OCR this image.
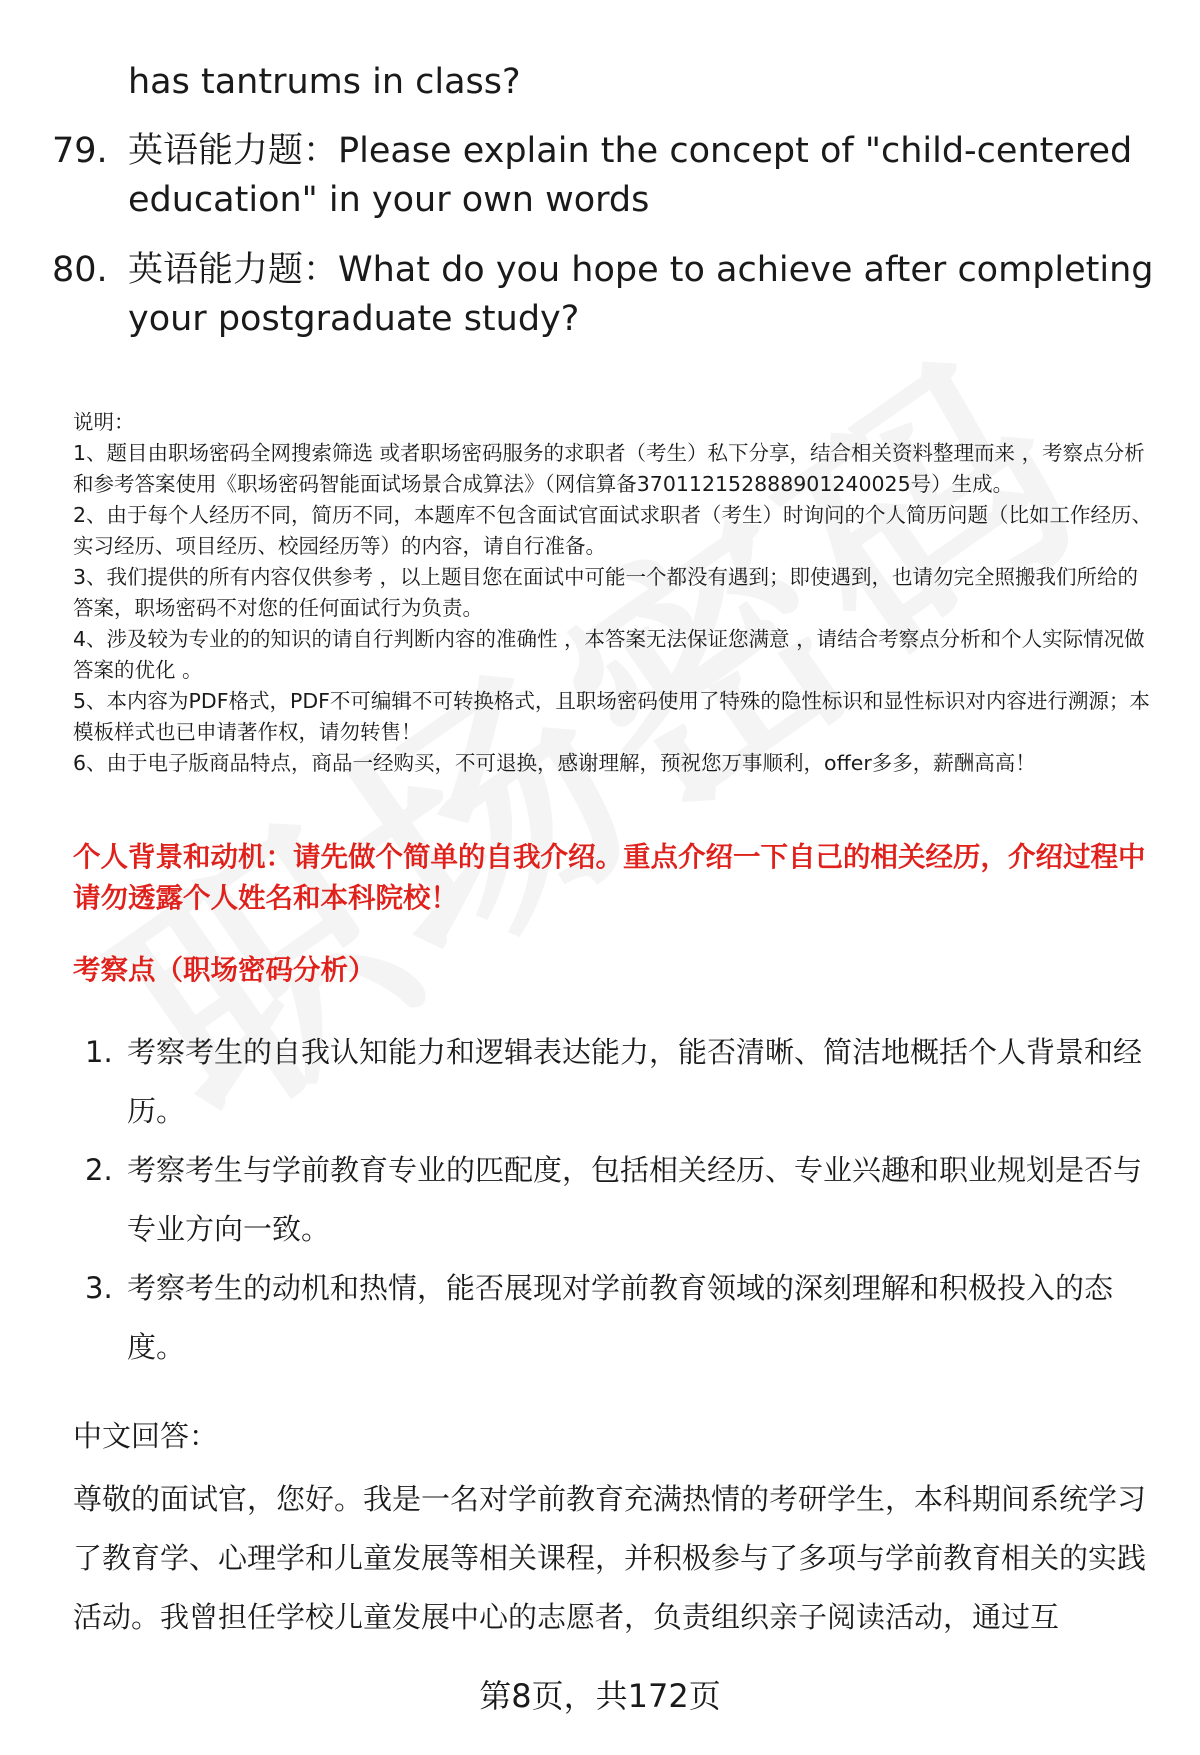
has tantrums in class?
79. 英语能力题：Please explain the concept of "child-centered education" in your own words
80. 英语能力题：What do you hope to achieve after completing your postgraduate study?

说明：

1、题目由职场密码全网搜索筛选 或者职场密码服务的求职者（考生）私下分享，结合相关资料整理而来 ，考察点分析和参考答案使用《职场密码智能面试场景合成算法》（网信算备370112152888901240025号）生成。

2、由于每个人经历不同，简历不同，本题库不包含面试官面试求职者（考生）时询问的个人简历问题（比如工作经历、实习经历、项目经历、校园经历等）的内容，请自行准备。

3、我们提供的所有内容仅供参考 ，以上题目您在面试中可能一个都没有遇到；即使遇到，也请勿完全照搬我们所给的答案，职场密码不对您的任何面试行为负责。

4、涉及较为专业的的知识的请自行判断内容的准确性 ，本答案无法保证您满意 ，请结合考察点分析和个人实际情况做答案的优化 。

5、本内容为PDF格式，PDF不可编辑不可转换格式，且职场密码使用了特殊的隐性标识和显性标识对内容进行溯源；本模板样式也已申请著作权，请勿转售！

6、由于电子版商品特点，商品一经购买，不可退换，感谢理解，预祝您万事顺利，offer多多，薪酬高高！

个人背景和动机：请先做个简单的自我介绍。重点介绍一下自己的相关经历，介绍过程中请勿透露个人姓名和本科院校！
考察点（职场密码分析）
1. 考察考生的自我认知能力和逻辑表达能力，能否清晰、简洁地概括个人背景和经历。
2. 考察考生与学前教育专业的匹配度，包括相关经历、专业兴趣和职业规划是否与专业方向一致。
3. 考察考生的动机和热情，能否展现对学前教育领域的深刻理解和积极投入的态度。
中文回答：
尊敬的面试官，您好。我是一名对学前教育充满热情的考研学生，本科期间系统学习了教育学、心理学和儿童发展等相关课程，并积极参与了多项与学前教育相关的实践活动。我曾担任学校儿童发展中心的志愿者，负责组织亲子阅读活动，通过互
第8页，共172页
